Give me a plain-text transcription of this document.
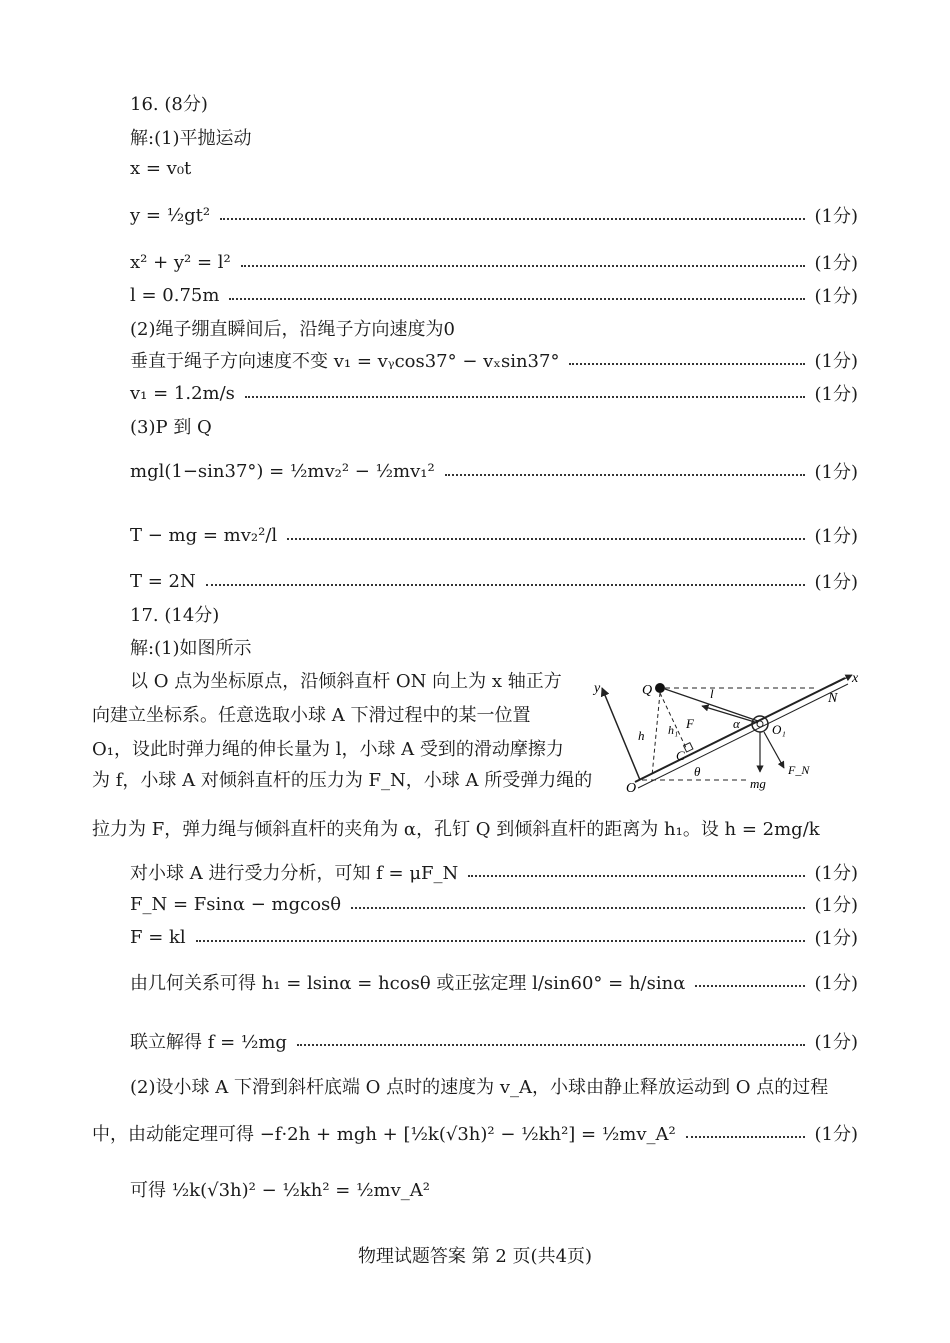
16. (8分)
解:(1)平抛运动
x = v₀t
y = ½gt²	(1分)
x² + y² = l²	(1分)
l = 0.75m	(1分)
(2)绳子绷直瞬间后，沿绳子方向速度为0
垂直于绳子方向速度不变 v₁ = vᵧcos37° − vₓsin37°	(1分)
v₁ = 1.2m/s	(1分)
(3)P 到 Q
mgl(1−sin37°) = ½mv₂² − ½mv₁²	(1分)
T − mg = mv₂²/l	(1分)
T = 2N	(1分)
17. (14分)
解:(1)如图所示
以 O 点为坐标原点，沿倾斜直杆 ON 向上为 x 轴正方
向建立坐标系。任意选取小球 A 下滑过程中的某一位置
O₁，设此时弹力绳的伸长量为 l，小球 A 受到的滑动摩擦力
为 f，小球 A 对倾斜直杆的压力为 F_N，小球 A 所受弹力绳的
拉力为 F，弹力绳与倾斜直杆的夹角为 α，孔钉 Q 到倾斜直杆的距离为 h₁。设 h = 2mg/k
对小球 A 进行受力分析，可知 f = μF_N	(1分)
F_N = Fsinα − mgcosθ	(1分)
F = kl	(1分)
由几何关系可得 h₁ = lsinα = hcosθ 或正弦定理 l/sin60° = h/sinα	(1分)
联立解得 f = ½mg	(1分)
(2)设小球 A 下滑到斜杆底端 O 点时的速度为 v_A，小球由静止释放运动到 O 点的过程
中，由动能定理可得 −f·2h + mgh + [½k(√3h)² − ½kh²] = ½mv_A²	(1分)
可得 ½k(√3h)² − ½kh² = ½mv_A²
y
x
N
Q
h h₁
C
l
F	α O₁
mg
F_N
θ
O
物理试题答案 第 2 页(共4页)
